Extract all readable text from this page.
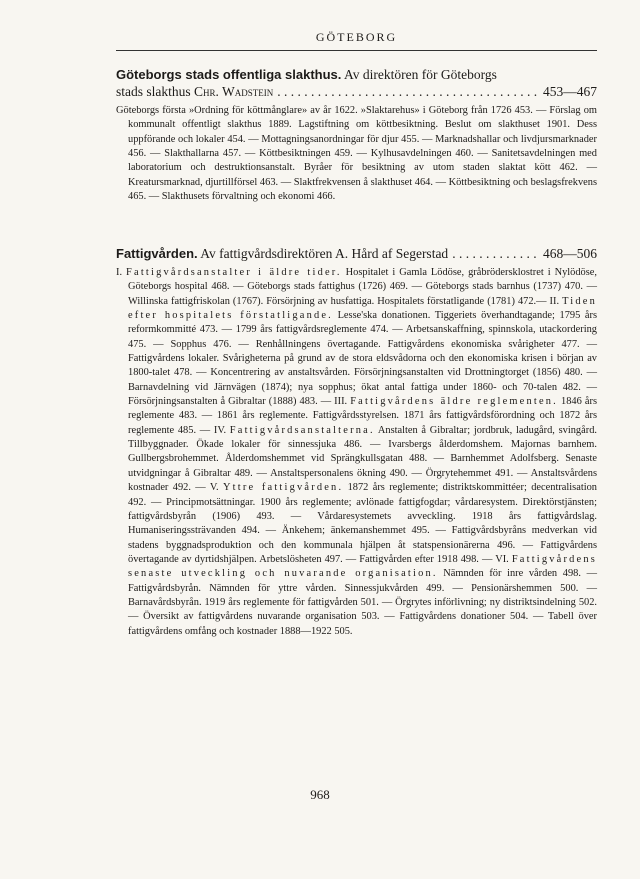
GÖTEBORG
Göteborgs stads offentliga slakthus. Av direktören för Göteborgs
stads slakthus Chr. Wadstein . . .	453—467

Göteborgs första »Ordning för köttmånglare» av år 1622. »Slaktarehus» i Göteborg från 1726 453. — Förslag om kommunalt offentligt slakthus 1889. Lagstiftning om köttbesiktning. Beslut om slakthuset 1901. Dess uppförande och lokaler 454. — Mottagningsanordningar för djur 455. — Marknadshallar och livdjursmarknader 456. — Slakthallarna 457. — Köttbesiktningen 459. — Kylhusavdelningen 460. — Sanitetsavdelningen med laboratorium och destruktionsanstalt. Byråer för besiktning av utom staden slaktat kött 462. — Kreatursmarknad, djurtillförsel 463. — Slaktfrekvensen å slakthuset 464. — Köttbesiktning och beslagsfrekvens 465. — Slakthusets förvaltning och ekonomi 466.

Fattigvården. Av fattigvårdsdirektören A. Hård af Segerstad . . .	468—506

I. Fattigvårdsanstalter i äldre tider. Hospitalet i Gamla Lödöse, gråbrödersklostret i Nylödöse, Göteborgs hospital 468. — Göteborgs stads fattighus (1726) 469. — Göteborgs stads barnhus (1737) 470. — Willinska fattigfriskolan (1767). Försörjning av husfattiga. Hospitalets förstatligande (1781) 472.— II. Tiden efter hospitalets förstatligande. Lesse'ska donationen. Tiggeriets överhandtagande; 1795 års reformkommitté 473. — 1799 års fattigvårdsreglemente 474. — Arbetsanskaffning, spinnskola, utackordering 475. — Sopphus 476. — Renhållningens övertagande. Fattigvårdens ekonomiska svårigheter 477. — Fattigvårdens lokaler. Svårigheterna på grund av de stora eldsvådorna och den ekonomiska krisen i början av 1800-talet 478. — Koncentrering av anstaltsvården. Försörjningsanstalten vid Drottningtorget (1856) 480. — Barnavdelning vid Järnvägen (1874); nya sopphus; ökat antal fattiga under 1860- och 70-talen 482. — Försörjningsanstalten å Gibraltar (1888) 483. — III. Fattigvårdens äldre reglementen. 1846 års reglemente 483. — 1861 års reglemente. Fattigvårdsstyrelsen. 1871 års fattigvårdsförordning och 1872 års reglemente 485. — IV. Fattigvårdsanstalterna. Anstalten å Gibraltar; jordbruk, ladugård, svingård. Tillbyggnader. Ökade lokaler för sinnessjuka 486. — Ivarsbergs ålderdomshem. Majornas barnhem. Gullbergsbrohemmet. Ålderdomshemmet vid Sprängkullsgatan 488. — Barnhemmet Adolfsberg. Senaste utvidgningar å Gibraltar 489. — Anstaltspersonalens ökning 490. — Örgrytehemmet 491. — Anstaltsvårdens kostnader 492. — V. Yttre fattigvården. 1872 års reglemente; distriktskommittéer; decentralisation 492. — Principmotsättningar. 1900 års reglemente; avlönade fattigfogdar; vårdaresystem. Direktörstjänsten; fattigvårdsbyrån (1906) 493. — Vårdaresystemets avveckling. 1918 års fattigvårdslag. Humaniseringssträvanden 494. — Änkehem; änkemanshemmet 495. — Fattigvårdsbyråns medverkan vid stadens byggnadsproduktion och den kommunala hjälpen åt statspensionärerna 496. — Fattigvårdens övertagande av dyrtidshjälpen. Arbetslösheten 497. — Fattigvården efter 1918 498. — VI. Fattigvårdens senaste utveckling och nuvarande organisation. Nämnden för inre vården 498. — Fattigvårdsbyrån. Nämnden för yttre vården. Sinnessjukvården 499. — Pensionärshemmen 500. — Barnavårdsbyrån. 1919 års reglemente för fattigvården 501. — Örgrytes införlivning; ny distriktsindelning 502. — Översikt av fattigvårdens nuvarande organisation 503. — Fattigvårdens donationer 504. — Tabell över fattigvårdens omfång och kostnader 1888—1922 505.

968
